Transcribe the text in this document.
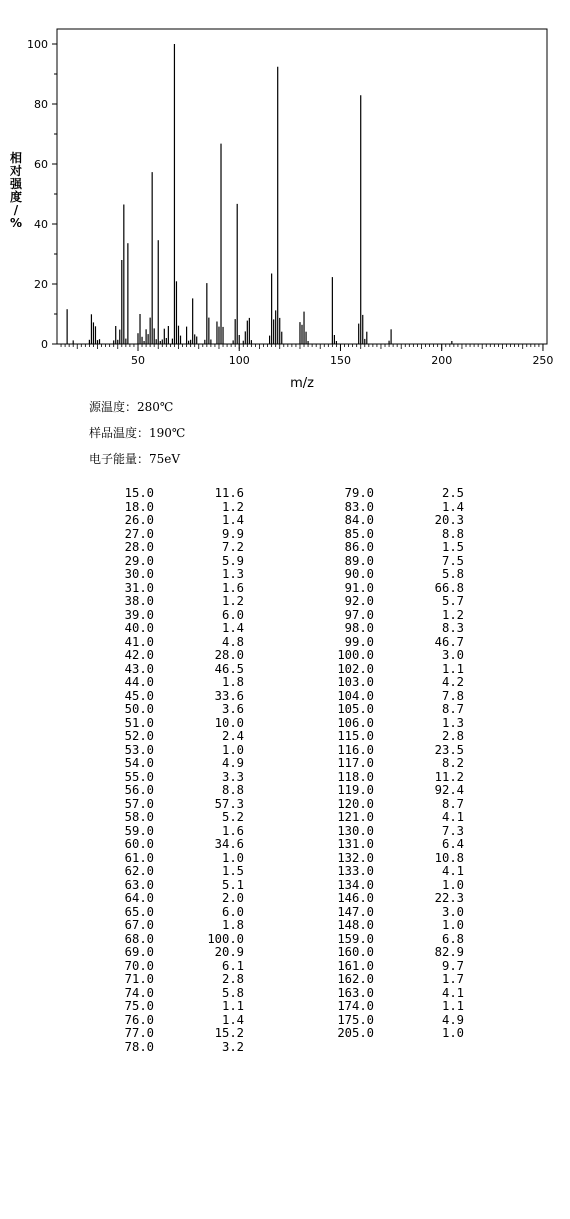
0
20
40
60
80
100
50	100	150	200	250
相对强度/ %
m/z
源温度：280℃
样品温度：190℃
电子能量：75eV
15.0	11.6	79.0	2.5
18.0	1.2	83.0	1.4
26.0	1.4	84.0	20.3
27.0	9.9	85.0	8.8
28.0	7.2	86.0	1.5
29.0	5.9	89.0	7.5
30.0	1.3	90.0	5.8
31.0	1.6	91.0	66.8
38.0	1.2	92.0	5.7
39.0	6.0	97.0	1.2
40.0	1.4	98.0	8.3
41.0	4.8	99.0	46.7
42.0	28.0	100.0	3.0
43.0	46.5	102.0	1.1
44.0	1.8	103.0	4.2
45.0	33.6	104.0	7.8
50.0	3.6	105.0	8.7
51.0	10.0	106.0	1.3
52.0	2.4	115.0	2.8
53.0	1.0	116.0	23.5
54.0	4.9	117.0	8.2
55.0	3.3	118.0	11.2
56.0	8.8	119.0	92.4
57.0	57.3	120.0	8.7
58.0	5.2	121.0	4.1
59.0	1.6	130.0	7.3
60.0	34.6	131.0	6.4
61.0	1.0	132.0	10.8
62.0	1.5	133.0	4.1
63.0	5.1	134.0	1.0
64.0	2.0	146.0	22.3
65.0	6.0	147.0	3.0
67.0	1.8	148.0	1.0
68.0	100.0	159.0	6.8
69.0	20.9	160.0	82.9
70.0	6.1	161.0	9.7
71.0	2.8	162.0	1.7
74.0	5.8	163.0	4.1
75.0	1.1	174.0	1.1
76.0	1.4	175.0	4.9
77.0	15.2	205.0	1.0
78.0	3.2
